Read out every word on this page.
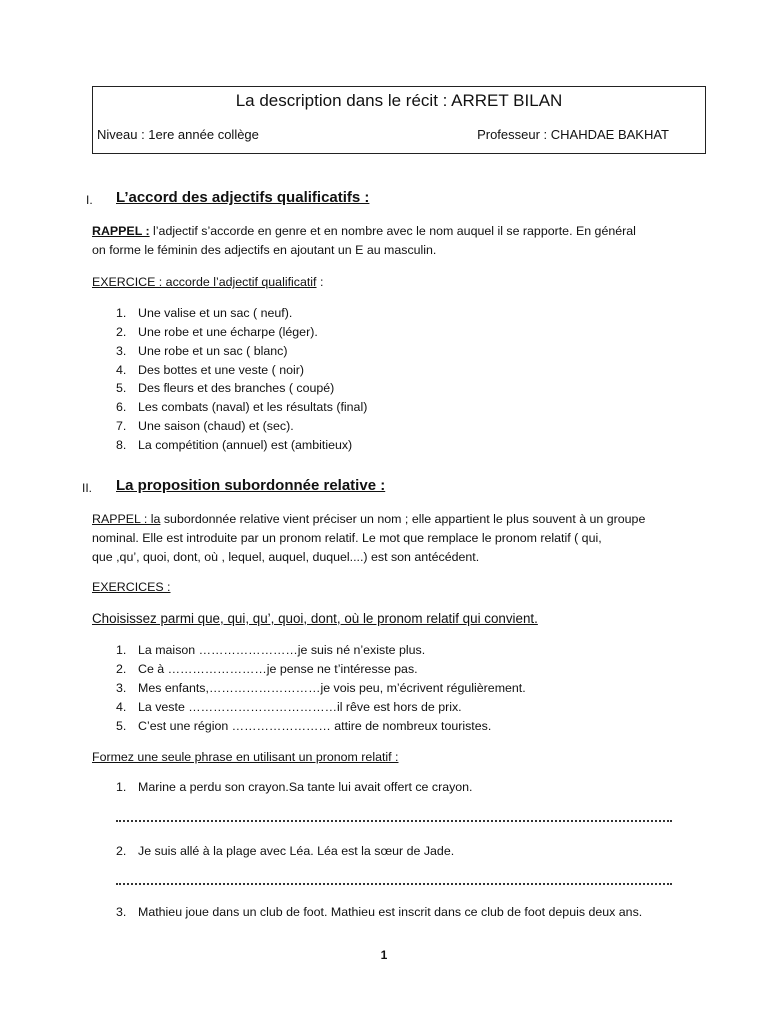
La description dans le récit : ARRET BILAN
Niveau : 1ere année collège	Professeur : CHAHDAE BAKHAT
I. L’accord des adjectifs qualificatifs :
RAPPEL : l’adjectif s’accorde en genre et en nombre avec le nom auquel il se rapporte. En général
on forme le féminin des adjectifs en ajoutant un E au masculin.
EXERCICE : accorde l’adjectif qualificatif :
1. Une valise et un sac ( neuf).
2. Une robe et une écharpe (léger).
3. Une robe et un sac ( blanc)
4. Des bottes et une veste ( noir)
5. Des fleurs et des branches ( coupé)
6. Les combats (naval) et les résultats (final)
7. Une saison (chaud) et (sec).
8. La compétition (annuel) est (ambitieux)
II. La proposition subordonnée relative :
RAPPEL : la subordonnée relative vient préciser un nom ; elle appartient le plus souvent à un groupe
nominal. Elle est introduite par un pronom relatif. Le mot que remplace le pronom relatif ( qui,
que ,qu’, quoi, dont, où , lequel, auquel, duquel....) est son antécédent.
EXERCICES :
Choisissez parmi que, qui, qu’, quoi, dont, où le pronom relatif qui convient.
1. La maison ……………………je suis né n’existe plus.
2. Ce à ……………………je pense ne t’intéresse pas.
3. Mes enfants,………………………je vois peu, m’écrivent régulièrement.
4. La veste ………………………………il rêve est hors de prix.
5. C’est une région …………………… attire de nombreux touristes.
Formez une seule phrase en utilisant un pronom relatif :
1. Marine a perdu son crayon.Sa tante lui avait offert ce crayon.
2. Je suis allé à la plage avec Léa. Léa est la sœur de Jade.
3. Mathieu joue dans un club de foot. Mathieu est inscrit dans ce club de foot depuis deux ans.
1
